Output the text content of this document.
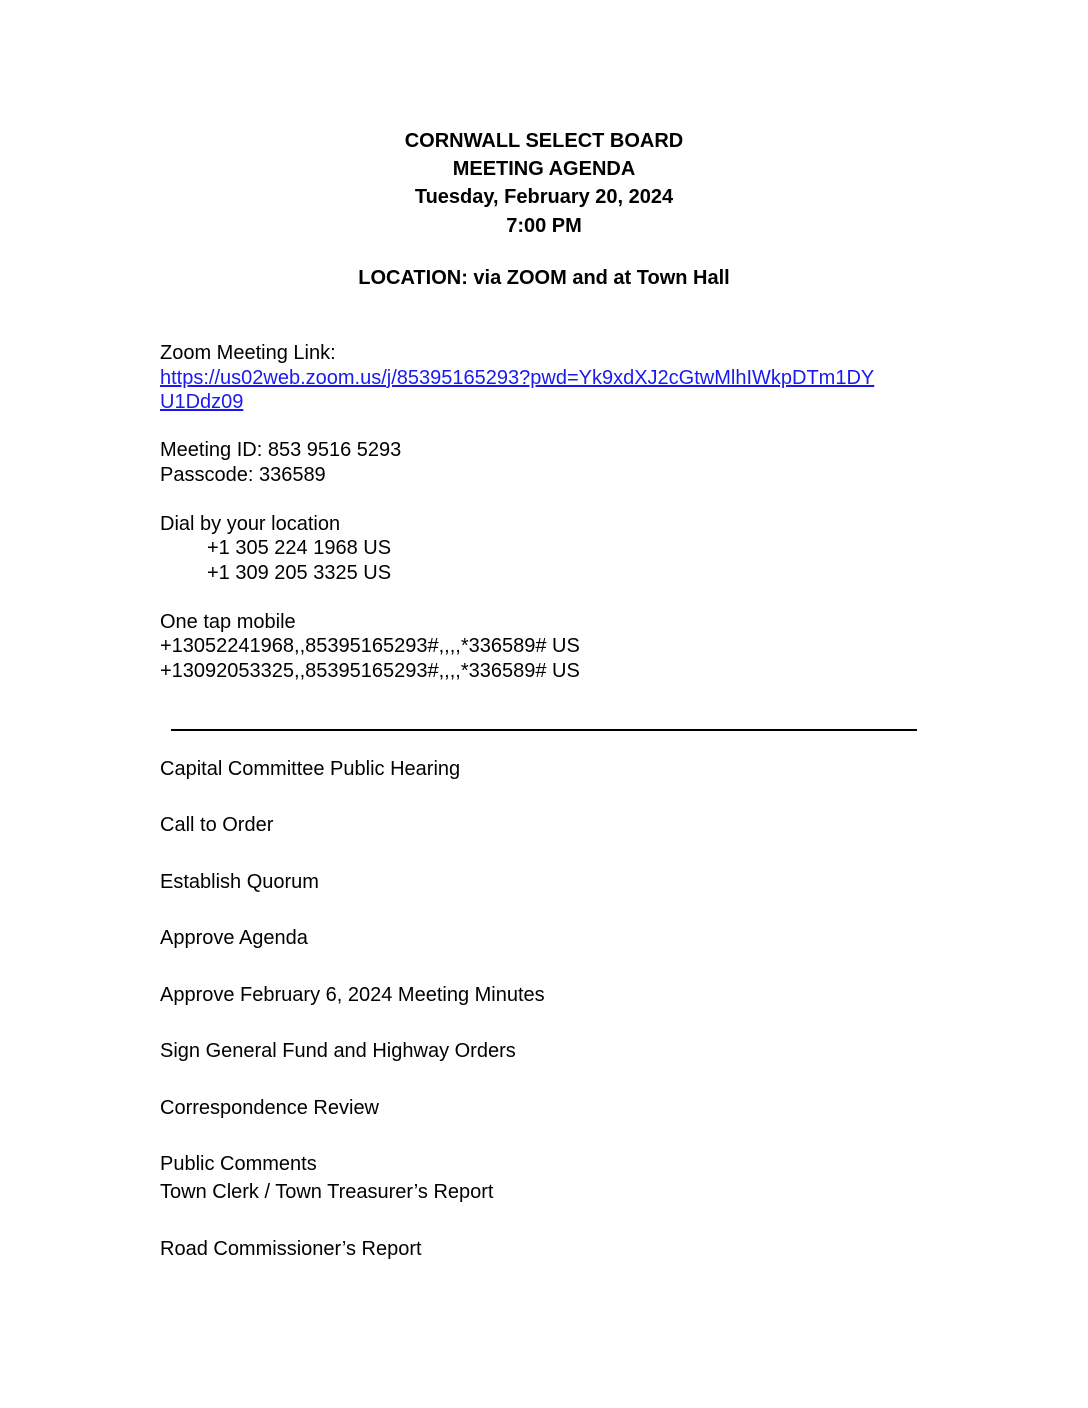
CORNWALL SELECT BOARD
MEETING AGENDA
Tuesday, February 20, 2024
7:00 PM
LOCATION: via ZOOM and at Town Hall
Zoom Meeting Link:
https://us02web.zoom.us/j/85395165293?pwd=Yk9xdXJ2cGtwMlhIWkpDTm1DY
U1Ddz09
Meeting ID: 853 9516 5293
Passcode: 336589
Dial by your location
+1 305 224 1968 US
+1 309 205 3325 US
One tap mobile
+13052241968,,85395165293#,,,,*336589# US
+13092053325,,85395165293#,,,,*336589# US
Capital Committee Public Hearing
Call to Order
Establish Quorum
Approve Agenda
Approve February 6, 2024 Meeting Minutes
Sign General Fund and Highway Orders
Correspondence Review
Public Comments
Town Clerk / Town Treasurer’s Report
Road Commissioner’s Report
